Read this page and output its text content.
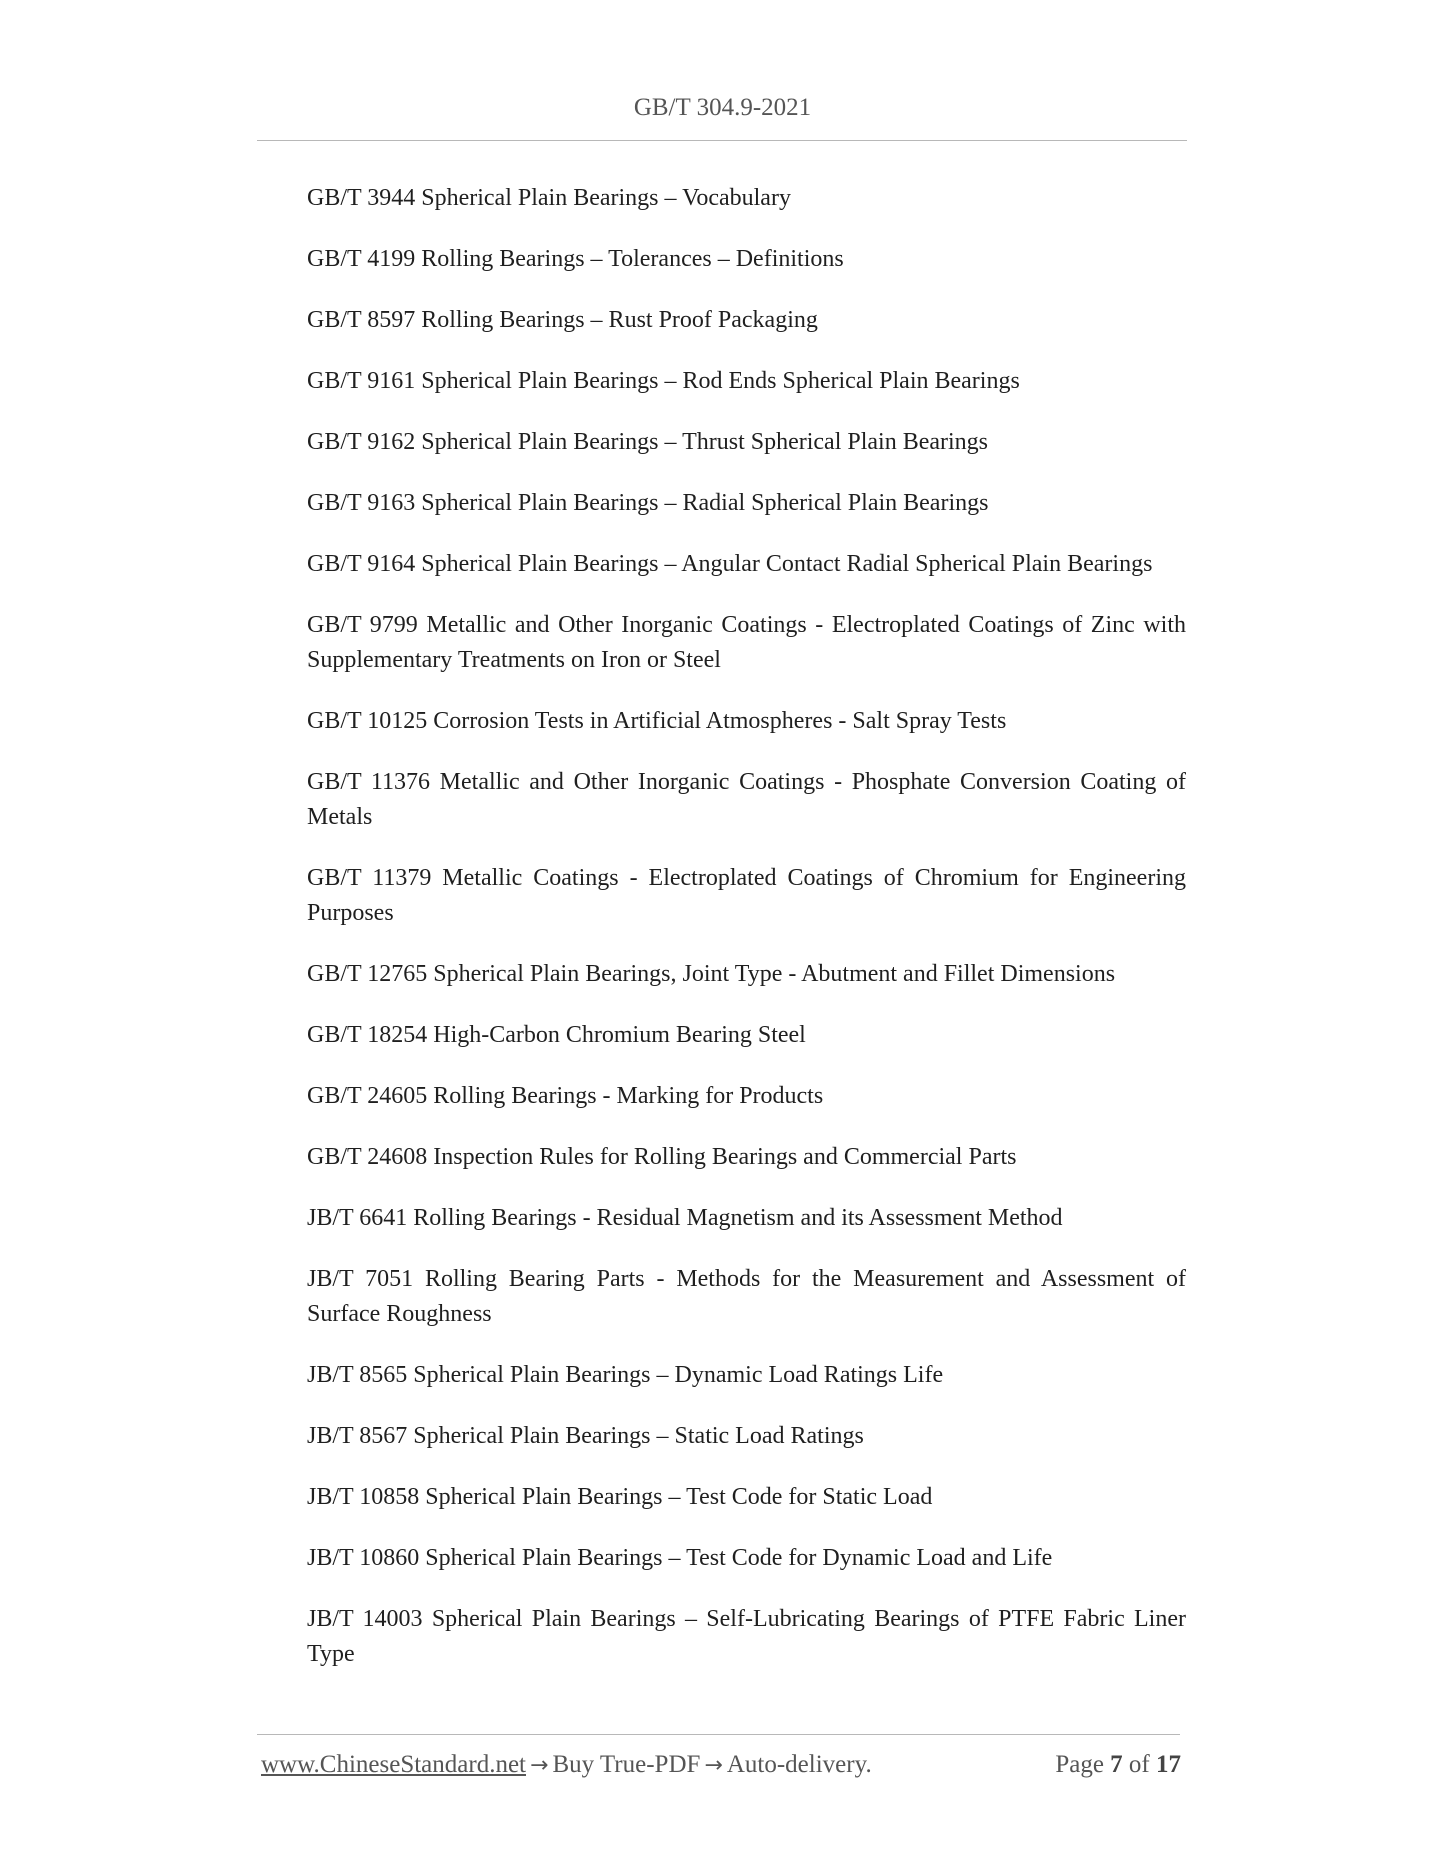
GB/T 304.9-2021

GB/T 3944 Spherical Plain Bearings – Vocabulary

GB/T 4199 Rolling Bearings – Tolerances – Definitions

GB/T 8597 Rolling Bearings – Rust Proof Packaging

GB/T 9161 Spherical Plain Bearings – Rod Ends Spherical Plain Bearings

GB/T 9162 Spherical Plain Bearings – Thrust Spherical Plain Bearings

GB/T 9163 Spherical Plain Bearings – Radial Spherical Plain Bearings

GB/T 9164 Spherical Plain Bearings – Angular Contact Radial Spherical Plain Bearings

GB/T 9799 Metallic and Other Inorganic Coatings - Electroplated Coatings of Zinc with Supplementary Treatments on Iron or Steel

GB/T 10125 Corrosion Tests in Artificial Atmospheres - Salt Spray Tests

GB/T 11376 Metallic and Other Inorganic Coatings - Phosphate Conversion Coating of Metals

GB/T 11379 Metallic Coatings - Electroplated Coatings of Chromium for Engineering Purposes

GB/T 12765 Spherical Plain Bearings, Joint Type - Abutment and Fillet Dimensions

GB/T 18254 High-Carbon Chromium Bearing Steel

GB/T 24605 Rolling Bearings - Marking for Products

GB/T 24608 Inspection Rules for Rolling Bearings and Commercial Parts

JB/T 6641 Rolling Bearings - Residual Magnetism and its Assessment Method

JB/T 7051 Rolling Bearing Parts - Methods for the Measurement and Assessment of Surface Roughness

JB/T 8565 Spherical Plain Bearings – Dynamic Load Ratings Life

JB/T 8567 Spherical Plain Bearings – Static Load Ratings

JB/T 10858 Spherical Plain Bearings – Test Code for Static Load

JB/T 10860 Spherical Plain Bearings – Test Code for Dynamic Load and Life

JB/T 14003 Spherical Plain Bearings – Self-Lubricating Bearings of PTFE Fabric Liner Type

www.ChineseStandard.net → Buy True-PDF → Auto-delivery.	Page 7 of 17
